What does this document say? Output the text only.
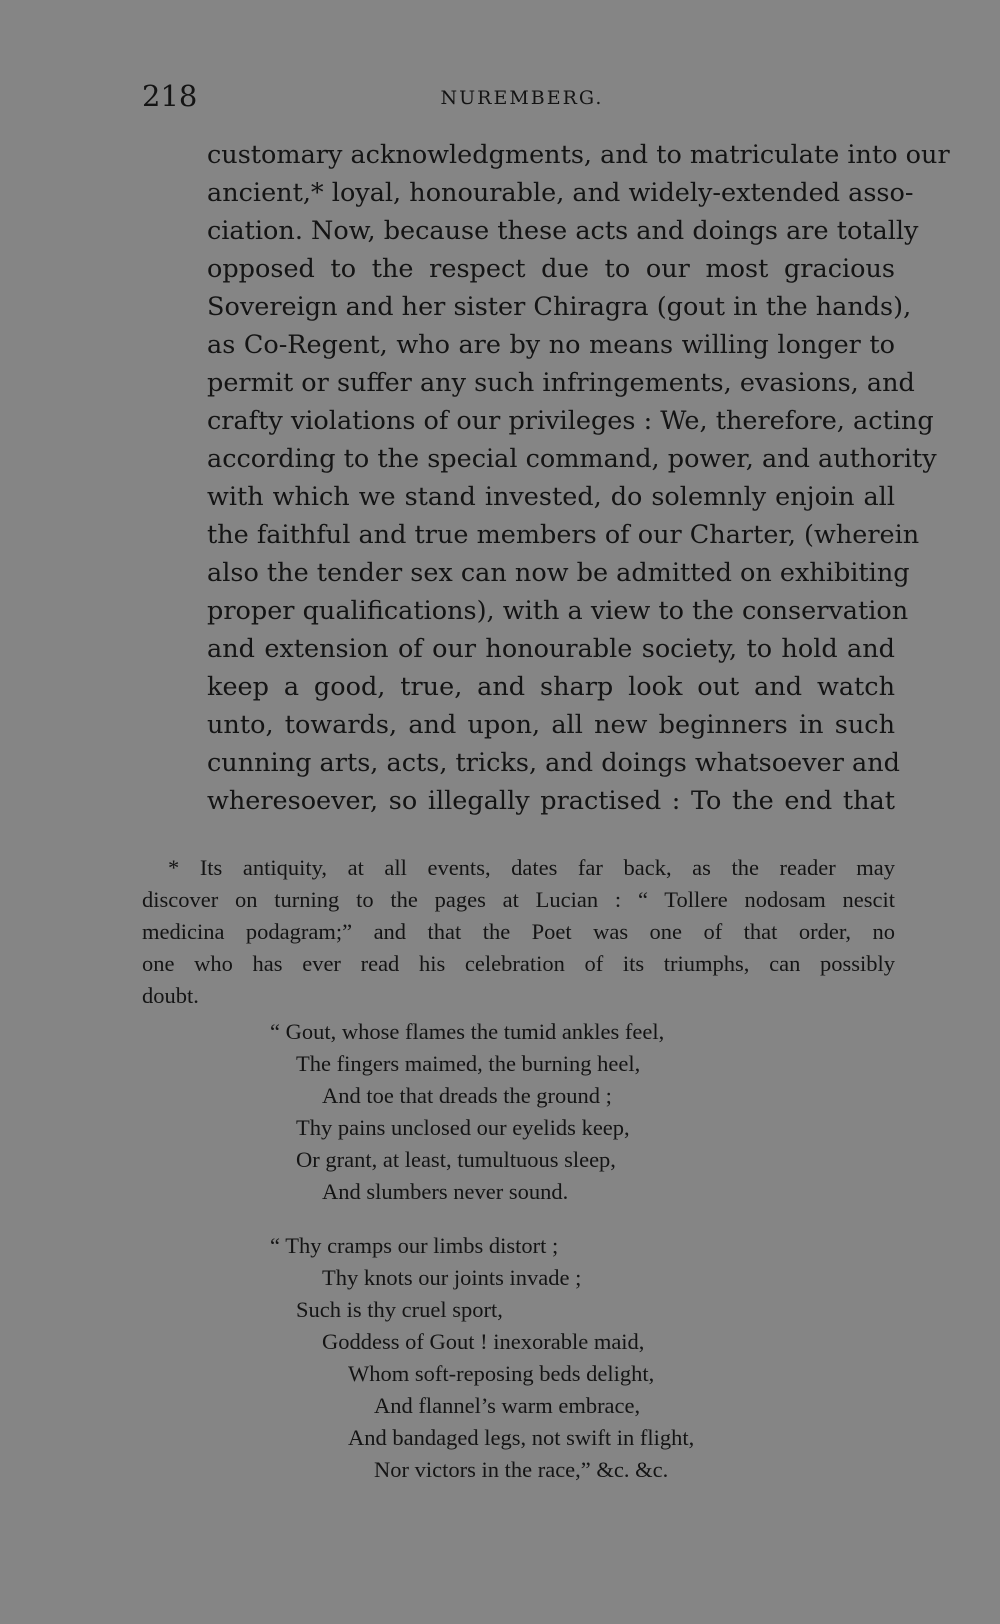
218	NUREMBERG.
customary acknowledgments, and to matriculate into our
ancient,* loyal, honourable, and widely-extended asso-
ciation. Now, because these acts and doings are totally
opposed to the respect due to our most gracious
Sovereign and her sister Chiragra (gout in the hands),
as Co-Regent, who are by no means willing longer to
permit or suffer any such infringements, evasions, and
crafty violations of our privileges : We, therefore, acting
according to the special command, power, and authority
with which we stand invested, do solemnly enjoin all
the faithful and true members of our Charter, (wherein
also the tender sex can now be admitted on exhibiting
proper qualifications), with a view to the conservation
and extension of our honourable society, to hold and
keep a good, true, and sharp look out and watch
unto, towards, and upon, all new beginners in such
cunning arts, acts, tricks, and doings whatsoever and
wheresoever, so illegally practised : To the end that
* Its antiquity, at all events, dates far back, as the reader may
discover on turning to the pages at Lucian : “ Tollere nodosam nescit
medicina podagram;” and that the Poet was one of that order, no
one who has ever read his celebration of its triumphs, can possibly
doubt.
“ Gout, whose flames the tumid ankles feel,
The fingers maimed, the burning heel,
And toe that dreads the ground ;
Thy pains unclosed our eyelids keep,
Or grant, at least, tumultuous sleep,
And slumbers never sound.
“ Thy cramps our limbs distort ;
Thy knots our joints invade ;
Such is thy cruel sport,
Goddess of Gout ! inexorable maid,
Whom soft-reposing beds delight,
And flannel’s warm embrace,
And bandaged legs, not swift in flight,
Nor victors in the race,” &c. &c.
